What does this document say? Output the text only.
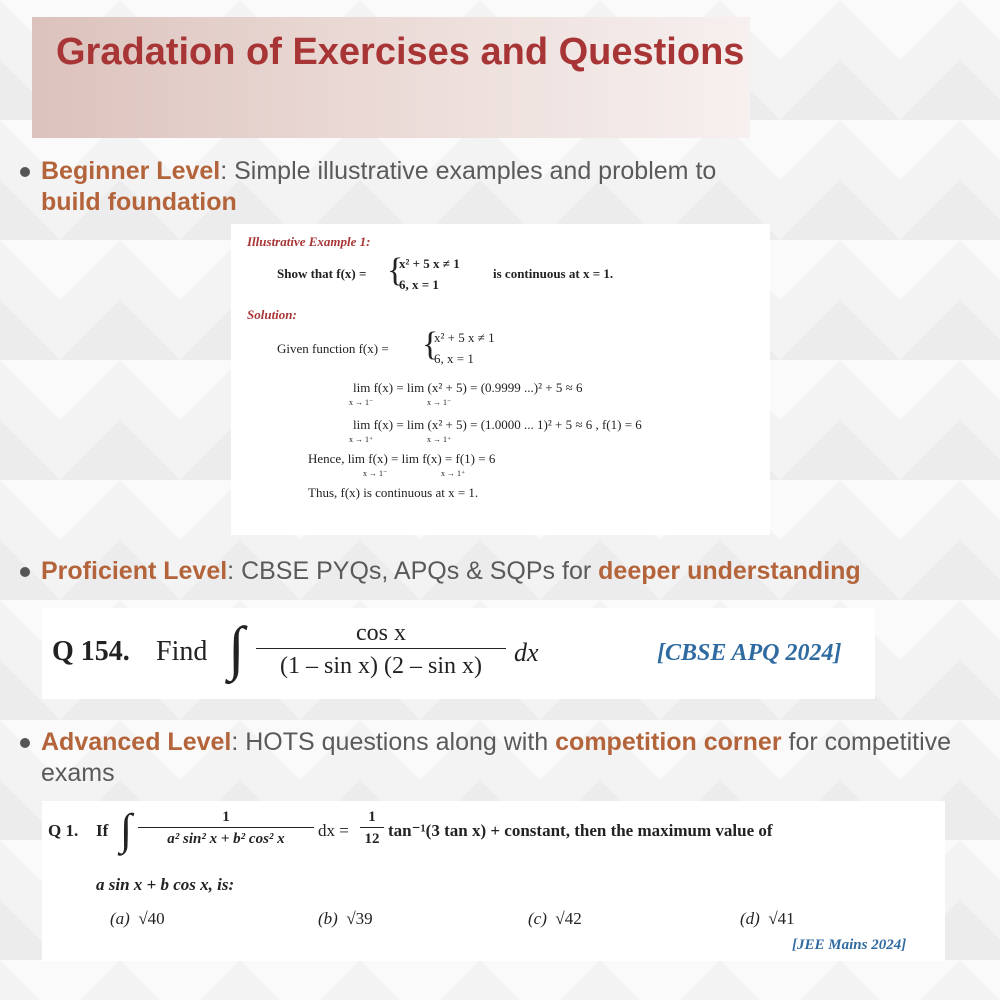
Gradation of Exercises and Questions
Beginner Level: Simple illustrative examples and problem to
build foundation
Illustrative Example 1:
Show that f(x) = {
x² + 5 x ≠ 1
6, x = 1
is continuous at x = 1.
Solution:
Given function f(x) = {
x² + 5 x ≠ 1
6, x = 1
lim f(x) = lim (x² + 5) = (0.9999 ...)² + 5 ≈ 6
x → 1⁻	x → 1⁻
lim f(x) = lim (x² + 5) = (1.0000 ... 1)² + 5 ≈ 6 , f(1) = 6
x → 1⁺	x → 1⁺
Hence, lim f(x) = lim f(x) = f(1) = 6
x → 1⁻	x → 1⁺
Thus, f(x) is continuous at x = 1.
Proficient Level: CBSE PYQs, APQs & SQPs for deeper understanding
Q 154. Find ∫	cos x
(1 – sin x) (2 – sin x)	dx	[CBSE APQ 2024]
Advanced Level: HOTS questions along with competition corner for competitive exams
Q 1. If ∫	1
a² sin² x + b² cos² x	dx =
1
12 tan⁻¹(3 tan x) + constant, then the maximum value of
a sin x + b cos x, is:
(a) √40	(b) √39	(c) √42	(d) √41
[JEE Mains 2024]
